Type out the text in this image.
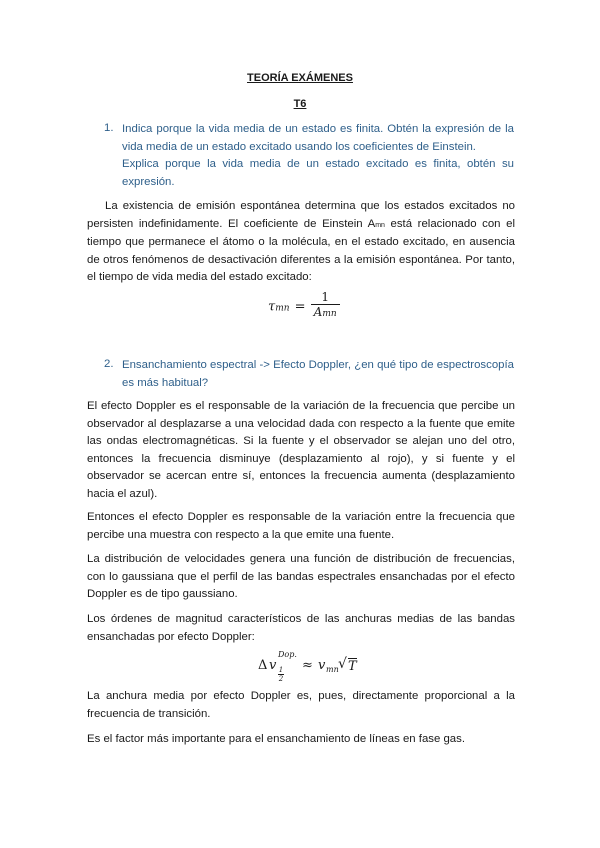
TEORÍA EXÁMENES
T6
1. Indica porque la vida media de un estado es finita. Obtén la expresión de la vida media de un estado excitado usando los coeficientes de Einstein.

Explica porque la vida media de un estado excitado es finita, obtén su expresión.

La existencia de emisión espontánea determina que los estados excitados no persisten indefinidamente. El coeficiente de Einstein Amn está relacionado con el tiempo que permanece el átomo o la molécula, en el estado excitado, en ausencia de otros fenómenos de desactivación diferentes a la emisión espontánea. Por tanto, el tiempo de vida media del estado excitado:

$\tau mn = \frac{1}{\text{Amn}}$
2. Ensanchamiento espectral -> Efecto Doppler, ¿en qué tipo de espectroscopía es más habitual?

El efecto Doppler es el responsable de la variación de la frecuencia que percibe un observador al desplazarse a una velocidad dada con respecto a la fuente que emite las ondas electromagnéticas. Si la fuente y el observador se alejan uno del otro, entonces la frecuencia disminuye (desplazamiento al rojo), y si fuente y el observador se acercan entre sí, entonces la frecuencia aumenta (desplazamiento hacia el azul).

Entonces el efecto Doppler es responsable de la variación entre la frecuencia que percibe una muestra con respecto a la que emite una fuente.

La distribución de velocidades genera una función de distribución de frecuencias, con lo gaussiana que el perfil de las bandas espectrales ensanchadas por el efecto Doppler es de tipo gaussiano.

Los órdenes de magnitud característicos de las anchuras medias de las bandas ensanchadas por efecto Doppler:

Δ v
Dop.
$\frac{1}{2}$
≈ v mn √ T

La anchura media por efecto Doppler es, pues, directamente proporcional a la frecuencia de transición.

Es el factor más importante para el ensanchamiento de líneas en fase gas.
